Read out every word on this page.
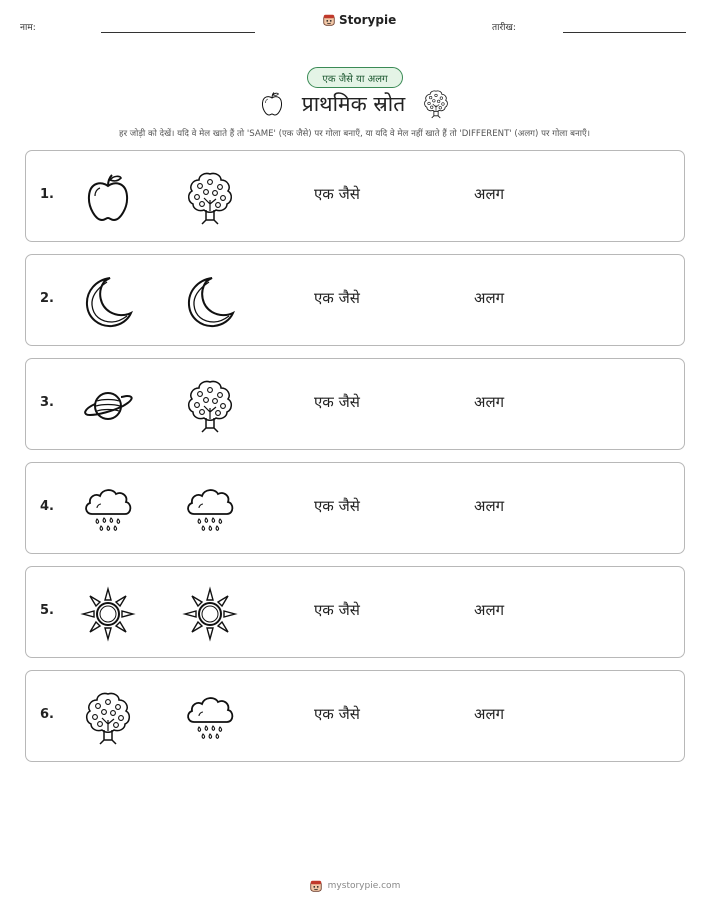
नाम:
Storypie
तारीख:
एक जैसे या अलग
प्राथमिक स्रोत
हर जोड़ी को देखें। यदि वे मेल खाते हैं तो 'SAME' (एक जैसे) पर गोला बनाएँ, या यदि वे मेल नहीं खाते हैं तो 'DIFFERENT' (अलग) पर गोला बनाएँ।
1.	एक जैसे	अलग
2.	एक जैसे	अलग
3.	एक जैसे	अलग
4.	एक जैसे	अलग
5.	एक जैसे	अलग
6.	एक जैसे	अलग
mystorypie.com
